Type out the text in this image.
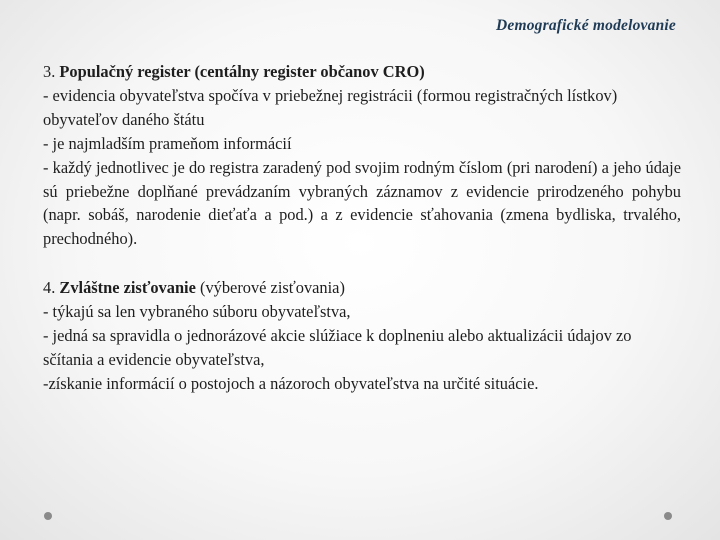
Demografické modelovanie

3. Populačný register (centálny register občanov CRO)

- evidencia obyvateľstva spočíva v priebežnej registrácii (formou registračných lístkov) obyvateľov daného štátu

- je najmladším prameňom informácií

- každý jednotlivec je do registra zaradený pod svojim rodným číslom (pri narodení) a jeho údaje sú priebežne doplňané prevádzaním vybraných záznamov z evidencie prirodzeného pohybu (napr. sobáš, narodenie dieťaťa a pod.) a z evidencie sťahovania (zmena bydliska, trvalého, prechodného).

4. Zvláštne zisťovanie (výberové zisťovania)

- týkajú sa len vybraného súboru obyvateľstva,

- jedná sa spravidla o jednorázové akcie slúžiace k doplneniu alebo aktualizácii údajov zo sčítania a evidencie obyvateľstva,

-získanie informácií o postojoch a názoroch obyvateľstva na určité situácie.
